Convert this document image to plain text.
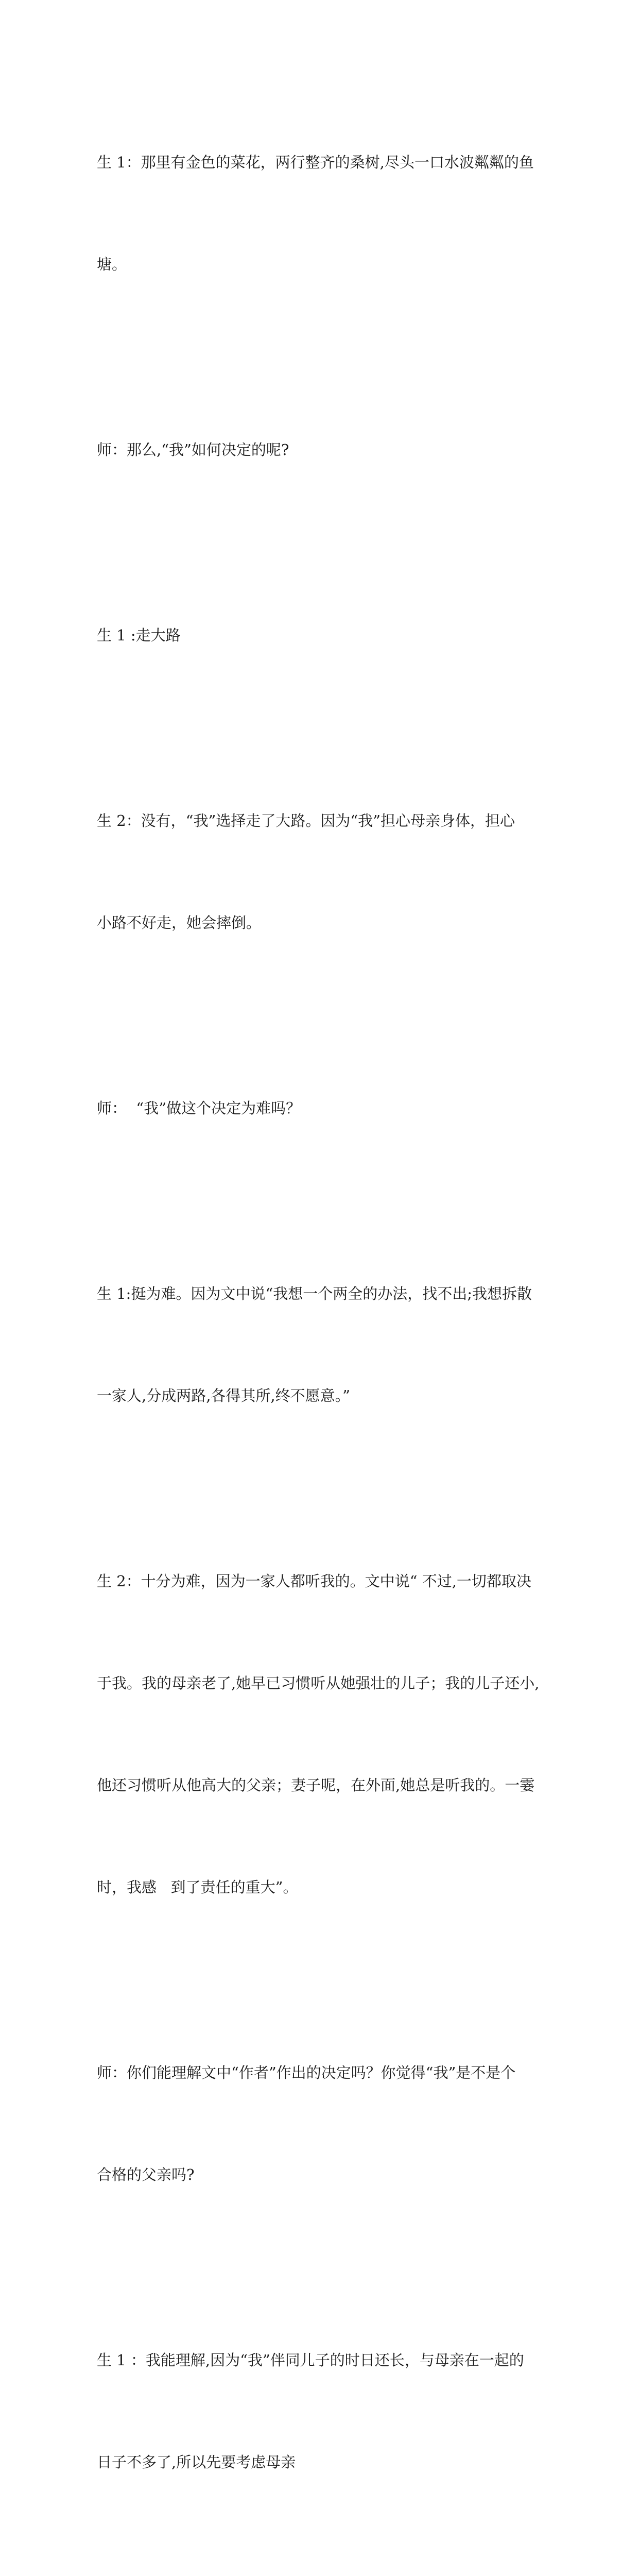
生 1：那里有金色的菜花，两行整齐的桑树,尽头一口水波粼粼的鱼

塘。

师：那么,“我”如何决定的呢?

生 1 :走大路

生 2：没有，“我”选择走了大路。因为“我”担心母亲身体，担心

小路不好走，她会摔倒。

师：  “我”做这个决定为难吗？

生 1:挺为难。因为文中说“我想一个两全的办法，找不出;我想拆散

一家人,分成两路,各得其所,终不愿意。”

生 2：十分为难，因为一家人都听我的。文中说“ 不过,一切都取决

于我。我的母亲老了,她早已习惯听从她强壮的儿子；我的儿子还小,

他还习惯听从他高大的父亲；妻子呢，在外面,她总是听我的。一霎

时，我感   到了责任的重大”。

师：你们能理解文中“作者”作出的决定吗？你觉得“我”是不是个

合格的父亲吗?

生 1 ：我能理解,因为“我”伴同儿子的时日还长，与母亲在一起的

日子不多了,所以先要考虑母亲
